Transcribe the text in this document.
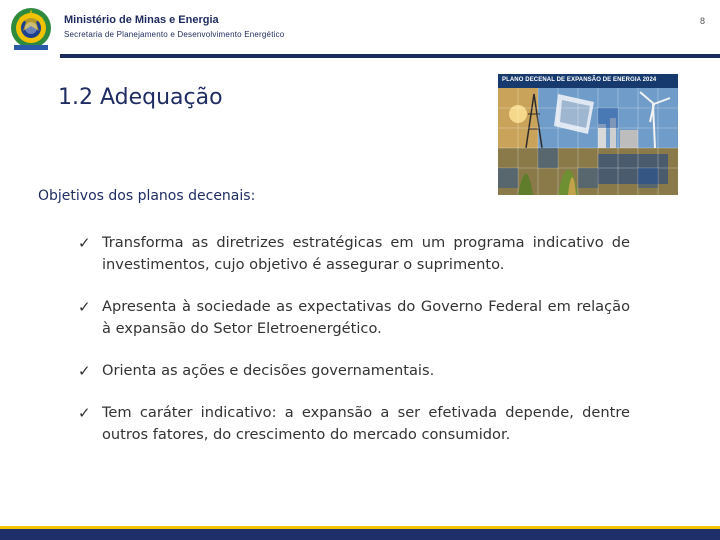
Ministério de Minas e Energia
Secretaria de Planejamento e Desenvolvimento Energético
8
1.2 Adequação
PLANO DECENAL DE EXPANSÃO DE ENERGIA 2024
Objetivos dos planos decenais:
✓ Transforma as diretrizes estratégicas em um programa indicativo de investimentos, cujo objetivo é assegurar o suprimento.
✓ Apresenta à sociedade as expectativas do Governo Federal em relação à expansão do Setor Eletroenergético.
✓ Orienta as ações e decisões governamentais.
✓ Tem caráter indicativo: a expansão a ser efetivada depende, dentre outros fatores, do crescimento do mercado consumidor.
